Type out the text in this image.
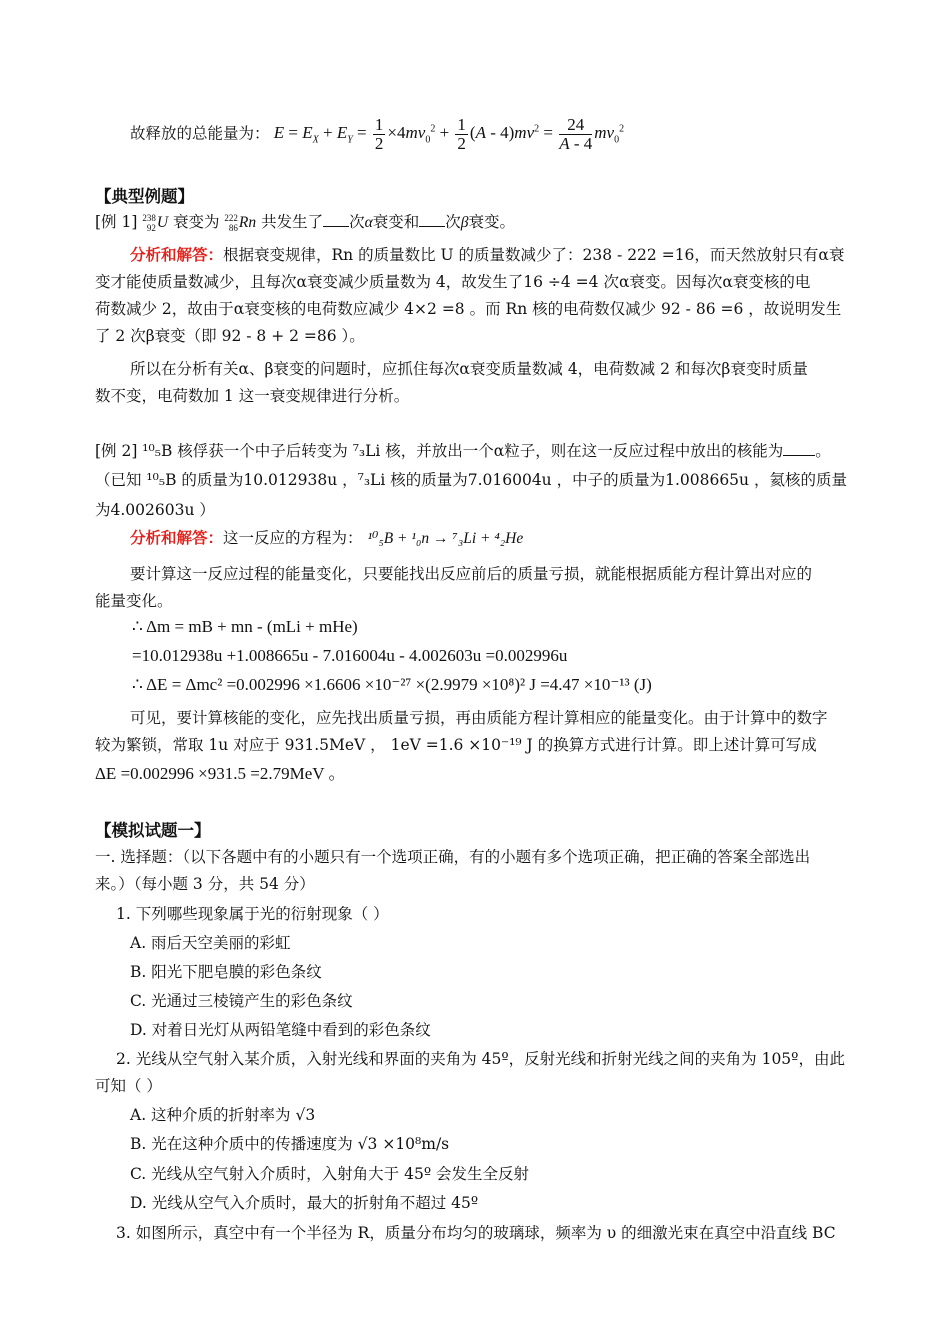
故释放的总能量为： $E = E_X + E_Y = \frac{1}{2} \times 4mv_0^2 + \frac{1}{2} (A - 4)mv^2 = \frac{24}{A - 4} mv_0^2$
【典型例题】
[例 1] 238
92U 衰变为 222
86Rn 共发生了 次α衰变和 次β衰变。
分析和解答：根据衰变规律，Rn 的质量数比 U 的质量数减少了：238 - 222 =16，而天然放射只有α衰
变才能使质量数减少，且每次α衰变减少质量数为 4，故发生了16 ÷4 =4 次α衰变。因每次α衰变核的电
荷数减少 2，故由于α衰变核的电荷数应减少 4×2 =8 。而 Rn 核的电荷数仅减少 92 - 86 =6 ，故说明发生
了 2 次β衰变（即 92 - 8 + 2 =86 ）。
所以在分析有关α、β衰变的问题时，应抓住每次α衰变质量数减 4，电荷数减 2 和每次β衰变时质量
数不变，电荷数加 1 这一衰变规律进行分析。
[例 2] ¹⁰₅B 核俘获一个中子后转变为 ⁷₃Li 核，并放出一个α粒子，则在这一反应过程中放出的核能为 。
（已知 ¹⁰₅B 的质量为10.012938u ，⁷₃Li 核的质量为7.016004u ，中子的质量为1.008665u ，氦核的质量
为4.002603u ）
分析和解答：这一反应的方程为： ¹⁰₅B + ¹₀n → ⁷₃Li + ⁴₂He
要计算这一反应过程的能量变化，只要能找出反应前后的质量亏损，就能根据质能方程计算出对应的
能量变化。
∴ Δm = mB + mn - (mLi + mHe)
=10.012938u +1.008665u - 7.016004u - 4.002603u =0.002996u
∴ ΔE = Δmc² =0.002996 ×1.6606 ×10⁻²⁷ ×(2.9979 ×10⁸)² J =4.47 ×10⁻¹³ (J)
可见，要计算核能的变化，应先找出质量亏损，再由质能方程计算相应的能量变化。由于计算中的数字
较为繁锁，常取 1u 对应于 931.5MeV ， 1eV =1.6 ×10⁻¹⁹ J 的换算方式进行计算。即上述计算可写成
ΔE =0.002996 ×931.5 =2.79MeV 。
【模拟试题一】
一. 选择题：（以下各题中有的小题只有一个选项正确，有的小题有多个选项正确，把正确的答案全部选出
来。）（每小题 3 分，共 54 分）
1. 下列哪些现象属于光的衍射现象（ ）
A. 雨后天空美丽的彩虹
B. 阳光下肥皂膜的彩色条纹
C. 光通过三棱镜产生的彩色条纹
D. 对着日光灯从两铅笔缝中看到的彩色条纹
2. 光线从空气射入某介质，入射光线和界面的夹角为 45º，反射光线和折射光线之间的夹角为 105º，由此
可知（ ）
A. 这种介质的折射率为 √3
B. 光在这种介质中的传播速度为 √3 ×10⁸m/s
C. 光线从空气射入介质时，入射角大于 45º 会发生全反射
D. 光线从空气入介质时，最大的折射角不超过 45º
3. 如图所示，真空中有一个半径为 R，质量分布均匀的玻璃球，频率为 υ 的细激光束在真空中沿直线 BC
